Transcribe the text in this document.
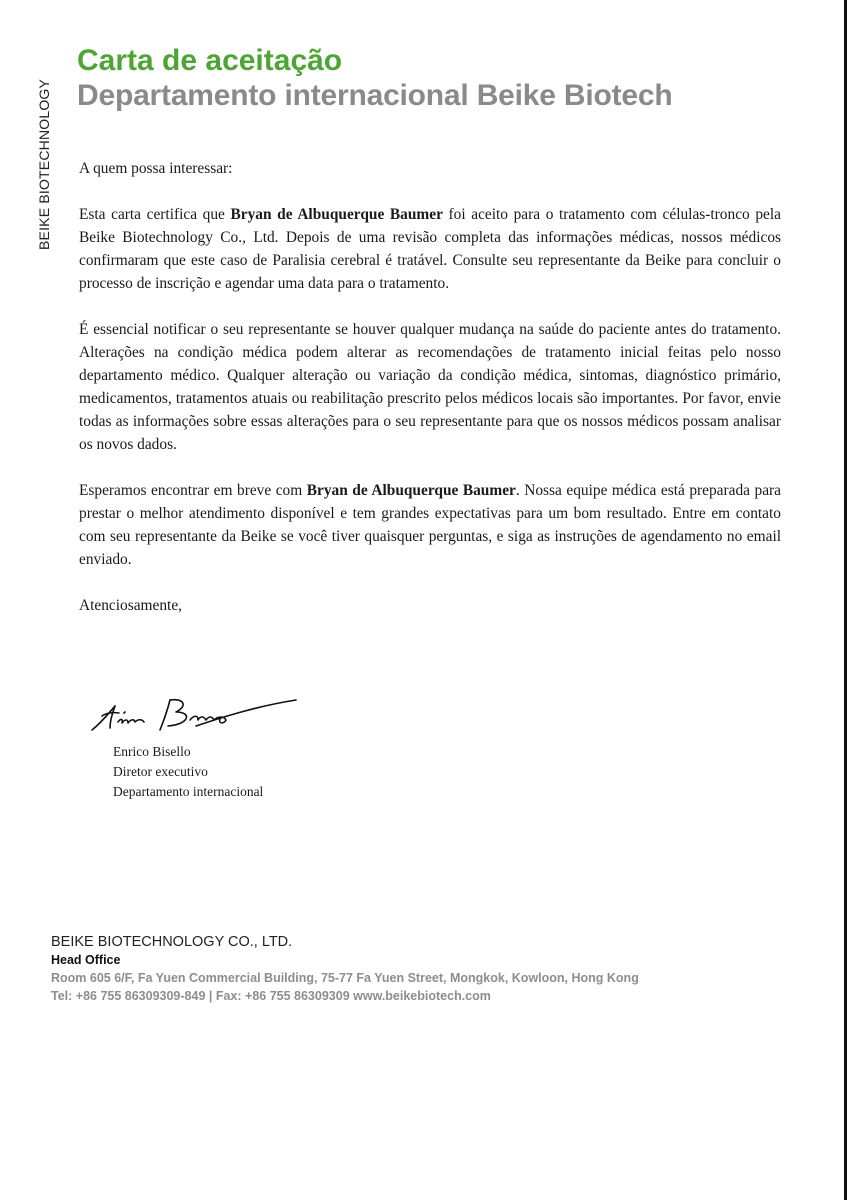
BEIKE BIOTECHNOLOGY
Carta de aceitação
Departamento internacional Beike Biotech

A quem possa interessar:

Esta carta certifica que Bryan de Albuquerque Baumer foi aceito para o tratamento com células-tronco pela Beike Biotechnology Co., Ltd. Depois de uma revisão completa das informações médicas, nossos médicos confirmaram que este caso de Paralisia cerebral é tratável. Consulte seu representante da Beike para concluir o processo de inscrição e agendar uma data para o tratamento.

É essencial notificar o seu representante se houver qualquer mudança na saúde do paciente antes do tratamento. Alterações na condição médica podem alterar as recomendações de tratamento inicial feitas pelo nosso departamento médico. Qualquer alteração ou variação da condição médica, sintomas, diagnóstico primário, medicamentos, tratamentos atuais ou reabilitação prescrito pelos médicos locais são importantes. Por favor, envie todas as informações sobre essas alterações para o seu representante para que os nossos médicos possam analisar os novos dados.

Esperamos encontrar em breve com Bryan de Albuquerque Baumer. Nossa equipe médica está preparada para prestar o melhor atendimento disponível e tem grandes expectativas para um bom resultado. Entre em contato com seu representante da Beike se você tiver quaisquer perguntas, e siga as instruções de agendamento no email enviado.

Atenciosamente,

Enrico Bisello
Diretor executivo
Departamento internacional
BEIKE BIOTECHNOLOGY CO., LTD.
Head Office
Room 605 6/F, Fa Yuen Commercial Building, 75-77 Fa Yuen Street, Mongkok, Kowloon, Hong Kong
Tel: +86 755 86309309-849 | Fax: +86 755 86309309 www.beikebiotech.com
